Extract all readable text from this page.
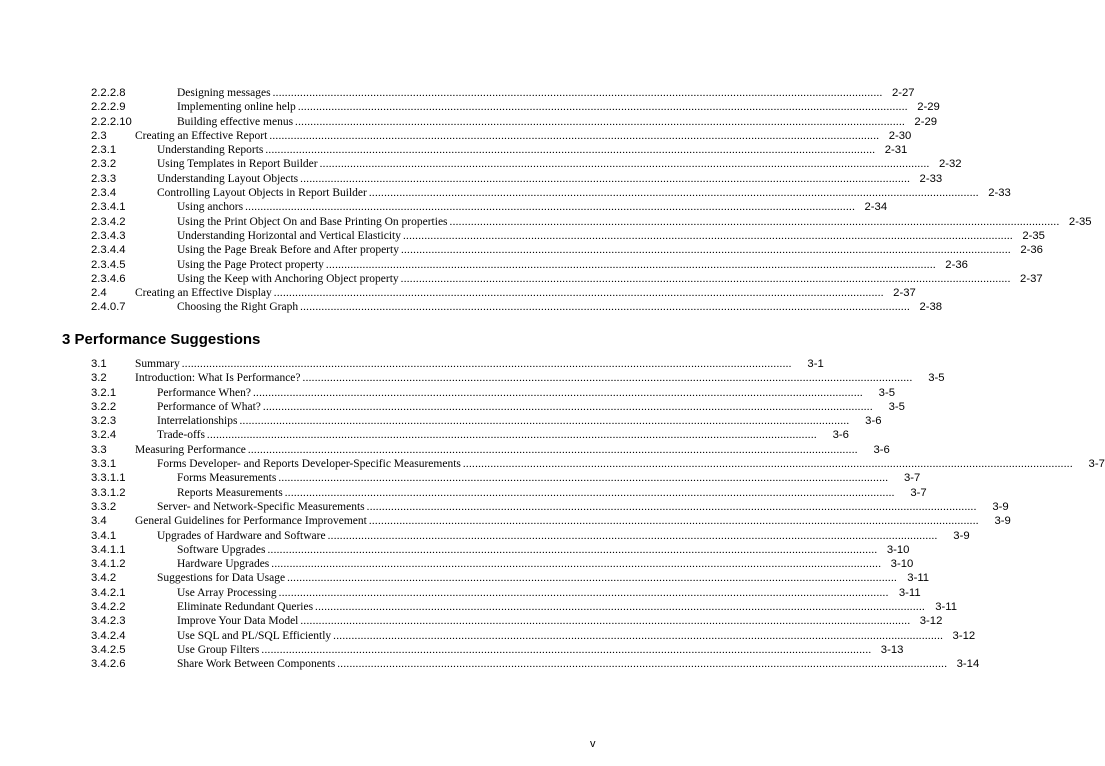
2.2.2.8	Designing messages ........................................................................................................................................................................................................ 2-27
2.2.2.9	Implementing online help ........................................................................................................................................................................................................ 2-29
2.2.2.10	Building effective menus ........................................................................................................................................................................................................ 2-29
2.3 Creating an Effective Report ........................................................................................................................................................................................................ 2-30
2.3.1	Understanding Reports ........................................................................................................................................................................................................ 2-31
2.3.2	Using Templates in Report Builder ........................................................................................................................................................................................................ 2-32
2.3.3	Understanding Layout Objects ........................................................................................................................................................................................................ 2-33
2.3.4	Controlling Layout Objects in Report Builder ........................................................................................................................................................................................................ 2-33
2.3.4.1	Using anchors ........................................................................................................................................................................................................ 2-34
2.3.4.2	Using the Print Object On and Base Printing On properties ........................................................................................................................................................................................................ 2-35
2.3.4.3	Understanding Horizontal and Vertical Elasticity ........................................................................................................................................................................................................ 2-35
2.3.4.4	Using the Page Break Before and After property ........................................................................................................................................................................................................ 2-36
2.3.4.5	Using the Page Protect property ........................................................................................................................................................................................................ 2-36
2.3.4.6	Using the Keep with Anchoring Object property ........................................................................................................................................................................................................ 2-37
2.4 Creating an Effective Display ........................................................................................................................................................................................................ 2-37
2.4.0.7	Choosing the Right Graph ........................................................................................................................................................................................................ 2-38
3 Performance Suggestions
3.1 Summary ........................................................................................................................................................................................................	3-1
3.2 Introduction: What Is Performance? ........................................................................................................................................................................................................	3-5
3.2.1	Performance When? ........................................................................................................................................................................................................	3-5
3.2.2	Performance of What? ........................................................................................................................................................................................................	3-5
3.2.3	Interrelationships ........................................................................................................................................................................................................	3-6
3.2.4	Trade-offs ........................................................................................................................................................................................................	3-6
3.3 Measuring Performance ........................................................................................................................................................................................................	3-6
3.3.1	Forms Developer- and Reports Developer-Specific Measurements ........................................................................................................................................................................................................	3-7
3.3.1.1	Forms Measurements ........................................................................................................................................................................................................	3-7
3.3.1.2	Reports Measurements ........................................................................................................................................................................................................	3-7
3.3.2	Server- and Network-Specific Measurements ........................................................................................................................................................................................................	3-9
3.4 General Guidelines for Performance Improvement ........................................................................................................................................................................................................	3-9
3.4.1	Upgrades of Hardware and Software ........................................................................................................................................................................................................	3-9
3.4.1.1	Software Upgrades ........................................................................................................................................................................................................ 3-10
3.4.1.2	Hardware Upgrades ........................................................................................................................................................................................................ 3-10
3.4.2	Suggestions for Data Usage ........................................................................................................................................................................................................ 3-11
3.4.2.1	Use Array Processing ........................................................................................................................................................................................................ 3-11
3.4.2.2	Eliminate Redundant Queries ........................................................................................................................................................................................................ 3-11
3.4.2.3	Improve Your Data Model ........................................................................................................................................................................................................ 3-12
3.4.2.4	Use SQL and PL/SQL Efficiently ........................................................................................................................................................................................................ 3-12
3.4.2.5	Use Group Filters ........................................................................................................................................................................................................ 3-13
3.4.2.6	Share Work Between Components ........................................................................................................................................................................................................ 3-14
v
